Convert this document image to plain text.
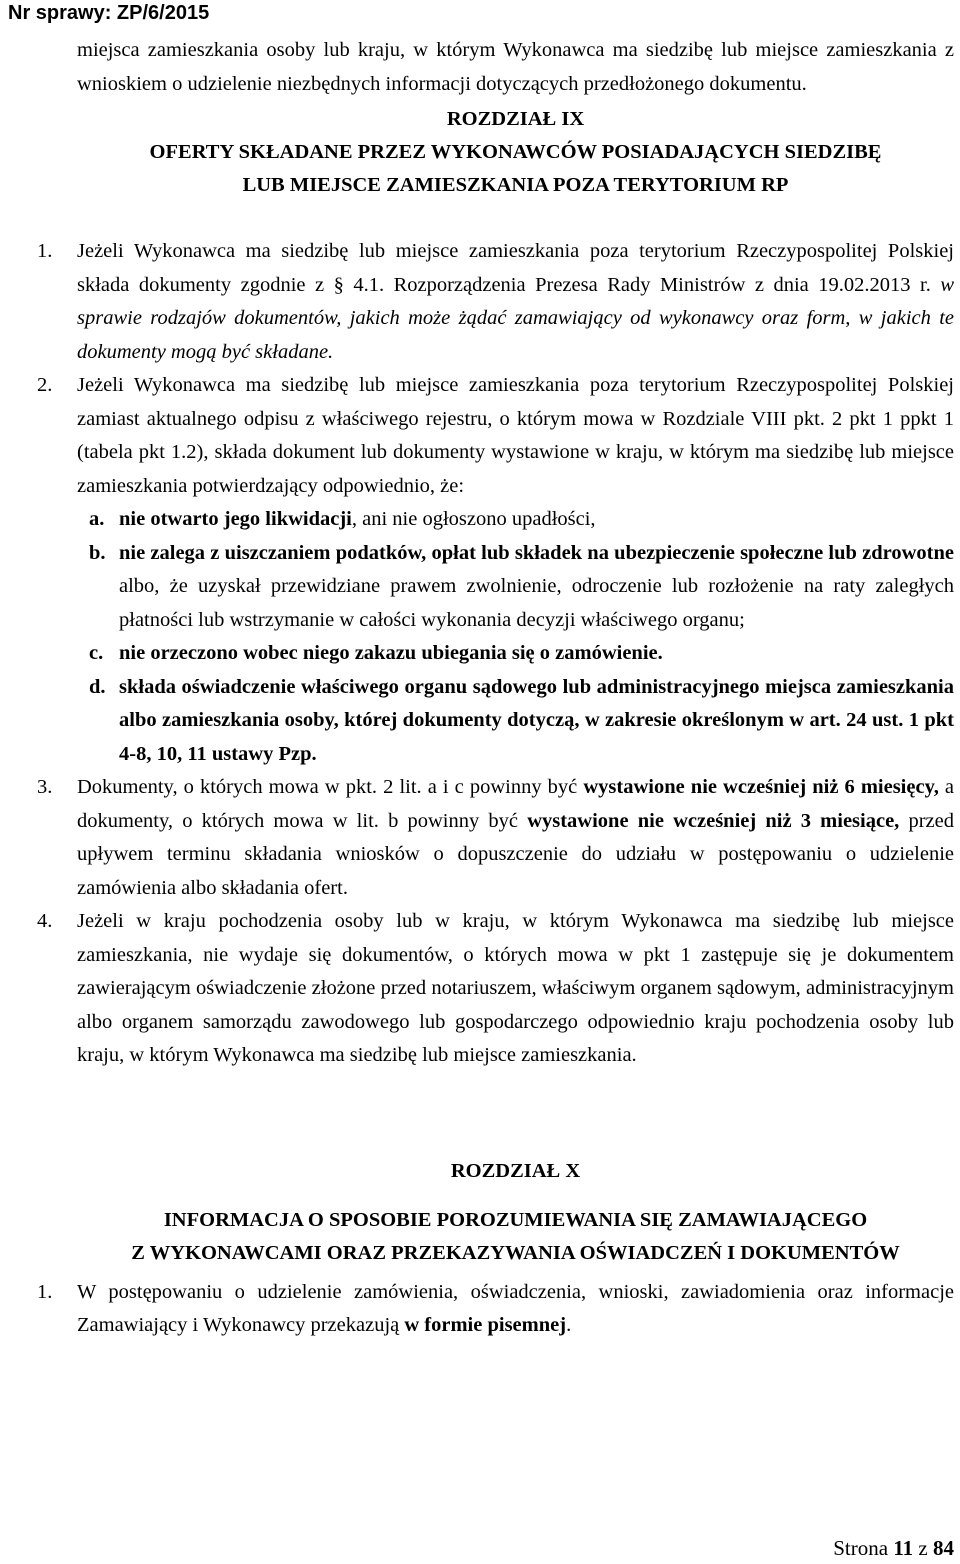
Nr sprawy: ZP/6/2015

miejsca zamieszkania osoby lub kraju, w którym Wykonawca ma siedzibę lub miejsce zamieszkania z wnioskiem o udzielenie niezbędnych informacji dotyczących przedłożonego dokumentu.

ROZDZIAŁ IX

OFERTY SKŁADANE PRZEZ WYKONAWCÓW POSIADAJĄCYCH SIEDZIBĘ

LUB MIEJSCE ZAMIESZKANIA POZA TERYTORIUM RP

1. Jeżeli Wykonawca ma siedzibę lub miejsce zamieszkania poza terytorium Rzeczypospolitej Polskiej składa dokumenty zgodnie z § 4.1. Rozporządzenia Prezesa Rady Ministrów z dnia 19.02.2013 r. w sprawie rodzajów dokumentów, jakich może żądać zamawiający od wykonawcy oraz form, w jakich te dokumenty mogą być składane.
2. Jeżeli Wykonawca ma siedzibę lub miejsce zamieszkania poza terytorium Rzeczypospolitej Polskiej zamiast aktualnego odpisu z właściwego rejestru, o którym mowa w Rozdziale VIII pkt. 2 pkt 1 ppkt 1 (tabela pkt 1.2), składa dokument lub dokumenty wystawione w kraju, w którym ma siedzibę lub miejsce zamieszkania potwierdzający odpowiednio, że:
a. nie otwarto jego likwidacji, ani nie ogłoszono upadłości,
b. nie zalega z uiszczaniem podatków, opłat lub składek na ubezpieczenie społeczne lub zdrowotne albo, że uzyskał przewidziane prawem zwolnienie, odroczenie lub rozłożenie na raty zaległych płatności lub wstrzymanie w całości wykonania decyzji właściwego organu;
c. nie orzeczono wobec niego zakazu ubiegania się o zamówienie.
d. składa oświadczenie właściwego organu sądowego lub administracyjnego miejsca zamieszkania albo zamieszkania osoby, której dokumenty dotyczą, w zakresie określonym w art. 24 ust. 1 pkt 4-8, 10, 11 ustawy Pzp.
3. Dokumenty, o których mowa w pkt. 2 lit. a i c powinny być wystawione nie wcześniej niż 6 miesięcy, a dokumenty, o których mowa w lit. b powinny być wystawione nie wcześniej niż 3 miesiące, przed upływem terminu składania wniosków o dopuszczenie do udziału w postępowaniu o udzielenie zamówienia albo składania ofert.
4. Jeżeli w kraju pochodzenia osoby lub w kraju, w którym Wykonawca ma siedzibę lub miejsce zamieszkania, nie wydaje się dokumentów, o których mowa w pkt 1 zastępuje się je dokumentem zawierającym oświadczenie złożone przed notariuszem, właściwym organem sądowym, administracyjnym albo organem samorządu zawodowego lub gospodarczego odpowiednio kraju pochodzenia osoby lub kraju, w którym Wykonawca ma siedzibę lub miejsce zamieszkania.

ROZDZIAŁ X

INFORMACJA O SPOSOBIE POROZUMIEWANIA SIĘ ZAMAWIAJĄCEGO

Z WYKONAWCAMI ORAZ PRZEKAZYWANIA OŚWIADCZEŃ I DOKUMENTÓW

1. W postępowaniu o udzielenie zamówienia, oświadczenia, wnioski, zawiadomienia oraz informacje Zamawiający i Wykonawcy przekazują w formie pisemnej.
Strona 11 z 84
